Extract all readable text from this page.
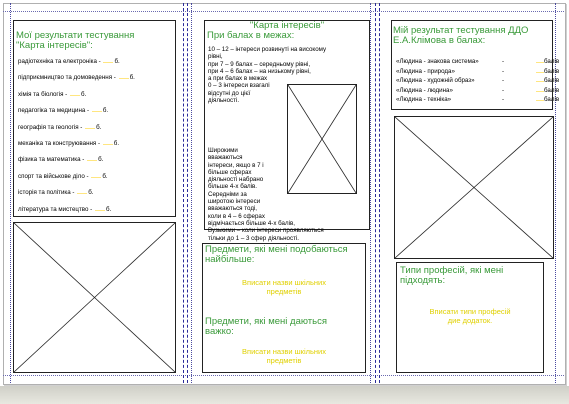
Мої результати тестування
"Карта інтересів":
радіотехніка та електроніка - б.
підприємництво та домоведення - б.
хімія та біологія - б.
педагогіка та медицина - б.
географія та геологія - б.
механіка та конструювання - б.
фізика та математика - б.
спорт та військове діло - б.
історія та політика - б.
література та мистецтво - б.
"Карта інтересів"
При балах в межах:
10 – 12 – інтереси розвинуті на високому
рівні,
при 7 – 9 балах – середньому рівні,
при 4 – 6 балах – на низькому рівні,
а при балах в межах
0 – 3 інтереси взагалі
відсутні до цієї
діяльності.
Широкими
вважаються
інтереси, якщо в 7 і
більше сферах
діяльності набрано
більше 4-х балів.
Середніми за
широтою інтереси
вважаються тоді,
коли в 4 – 6 сферах
відмічається більше 4-х балів,
Вузькими – коли інтереси проявляються
тільки до 1 – 3 сфер діяльності.
Предмети, які мені подобаються
найбільше:
Вписати назви шкільних
предметів
Предмети, які мені даються
важко:
Вписати назви шкільних
предметів
Мій результат тестування ДДО
Е.А.Клімова в балах:
«Людина - знакова система»	-	балів
«Людина - природа»	-	балів
«Людина - художній образ»	-	балів
«Людина - людина»	-	балів
«Людина - техніка»	-	балів
Типи професій, які мені
підходять:
Вписати типи професій
дие додаток.
